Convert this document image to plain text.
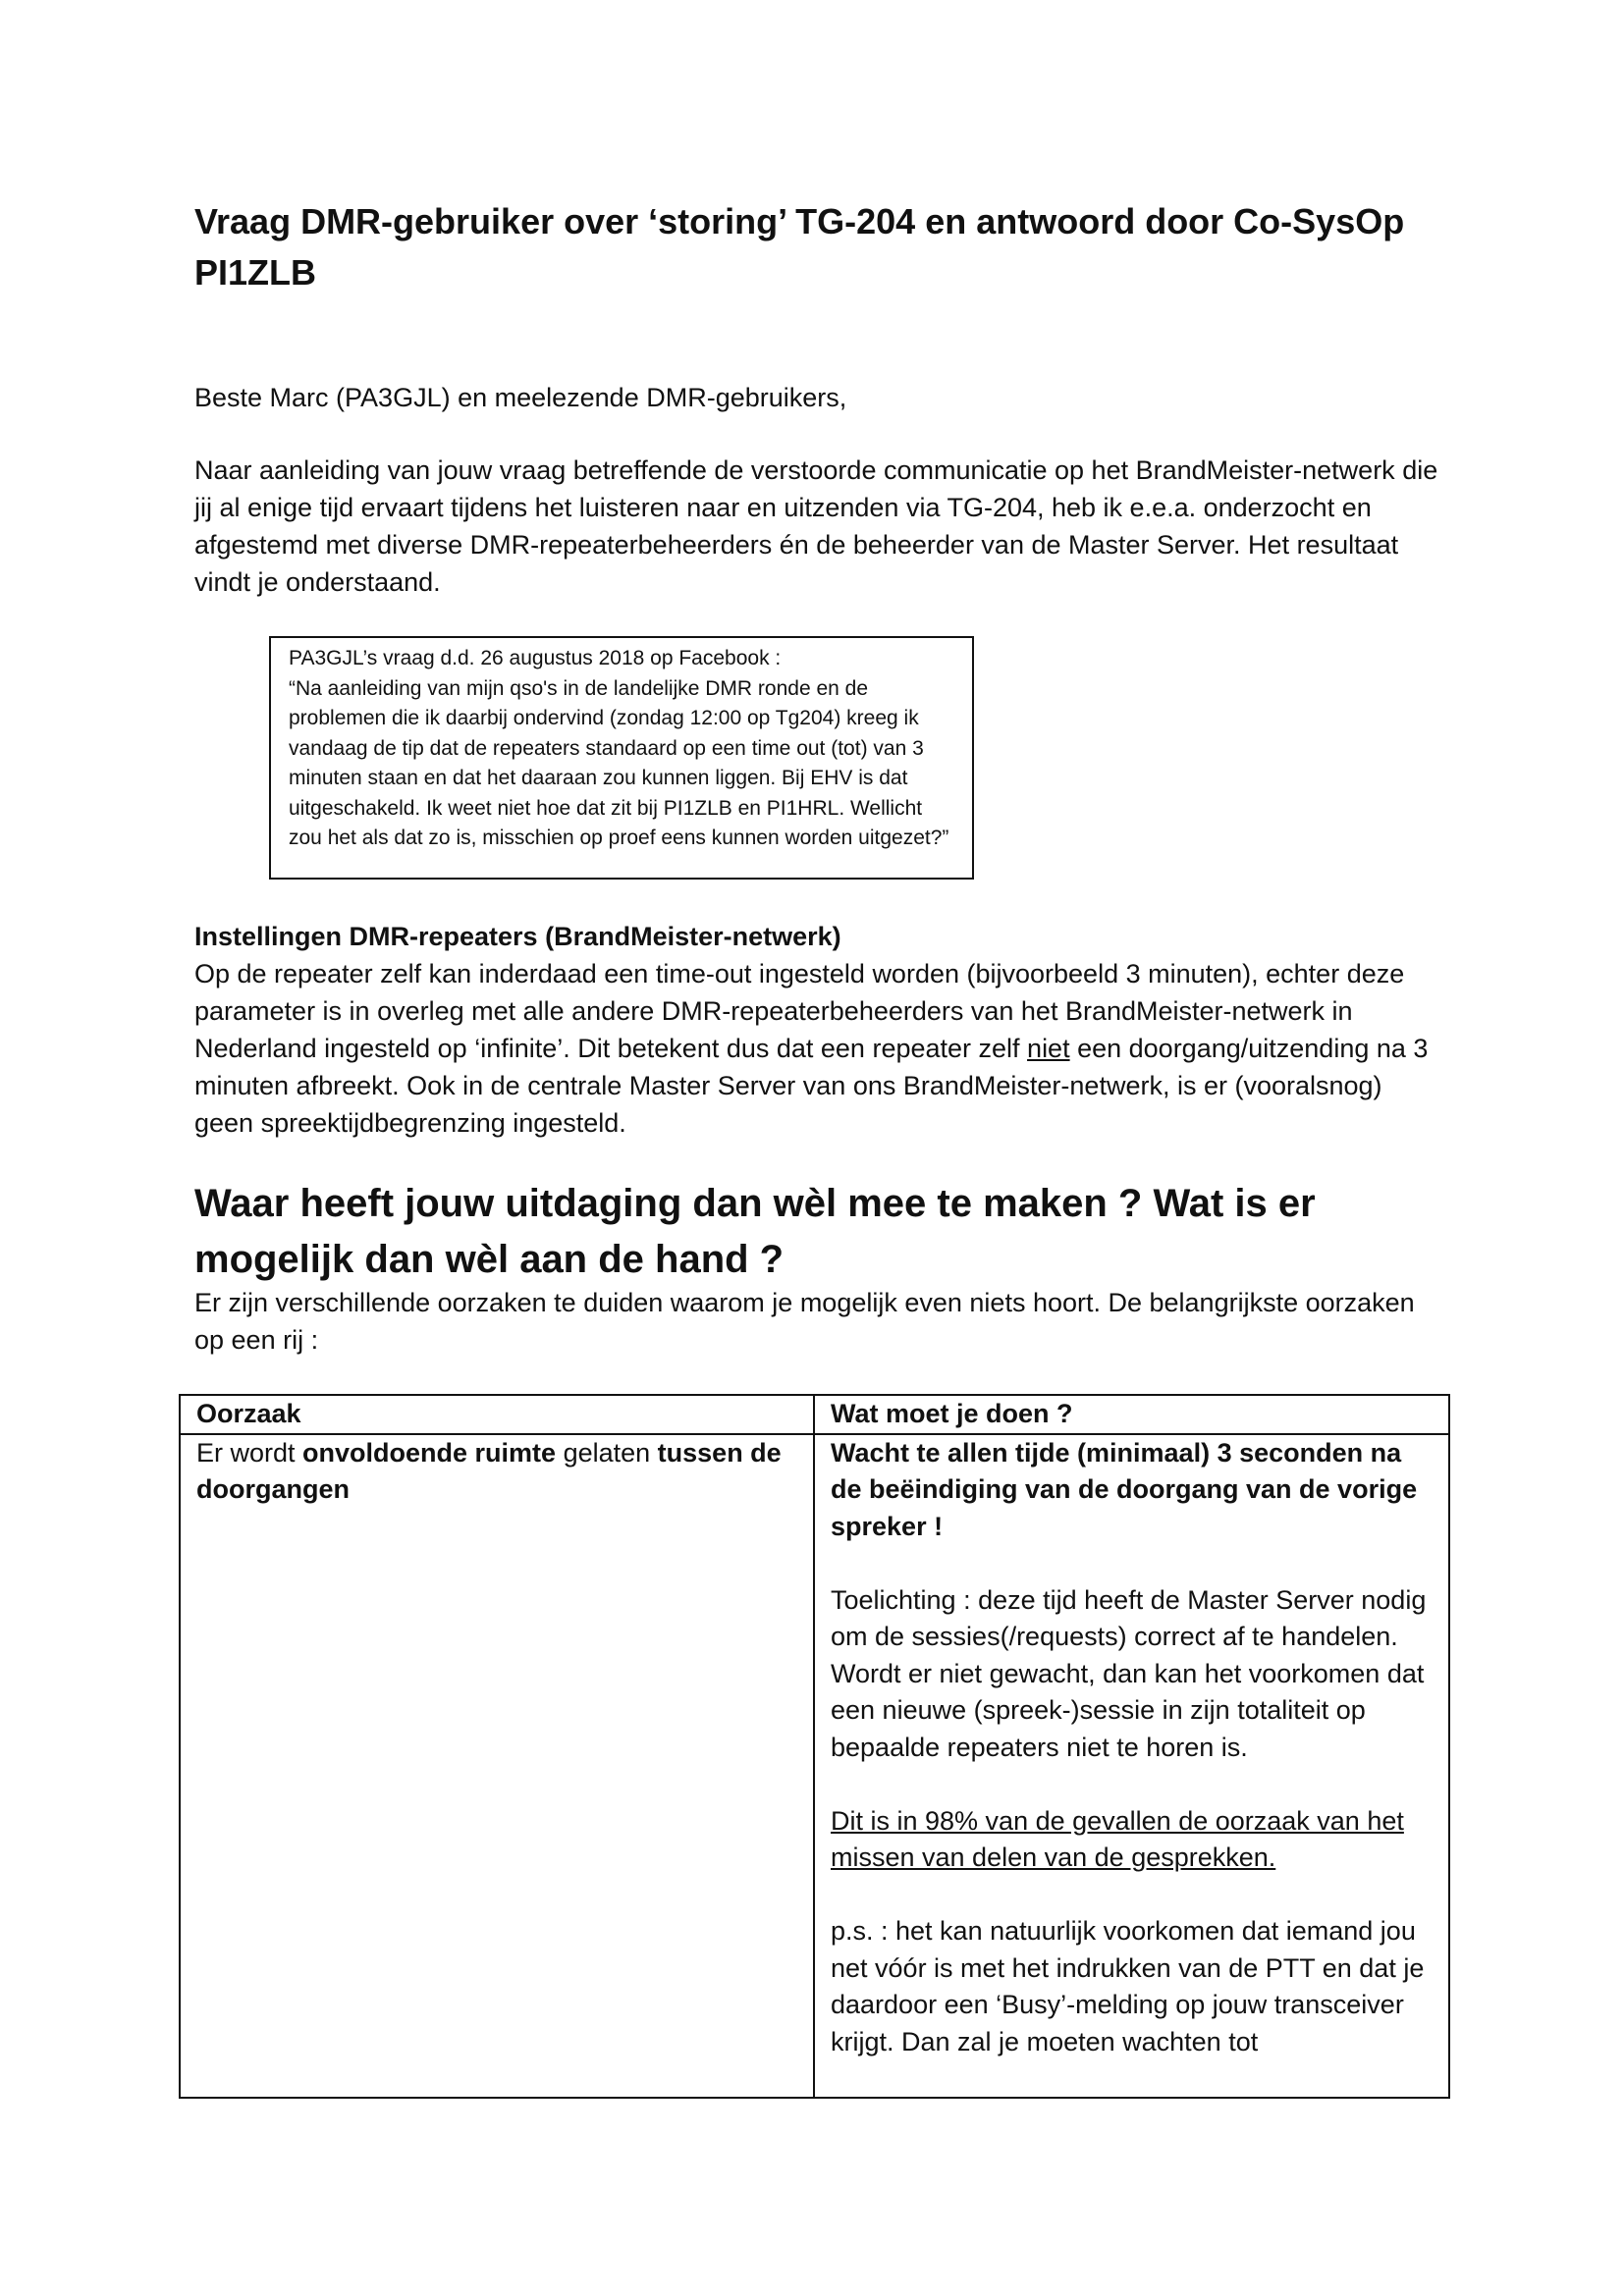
Vraag DMR-gebruiker over ‘storing’ TG-204 en antwoord door Co-SysOp PI1ZLB

Beste Marc (PA3GJL) en meelezende DMR-gebruikers,

Naar aanleiding van jouw vraag betreffende de verstoorde communicatie op het BrandMeister-netwerk die jij al enige tijd ervaart tijdens het luisteren naar en uitzenden via TG-204, heb ik e.e.a. onderzocht en afgestemd met diverse DMR-repeaterbeheerders én de beheerder van de Master Server. Het resultaat vindt je onderstaand.

PA3GJL’s vraag d.d. 26 augustus 2018 op Facebook :

“Na aanleiding van mijn qso's in de landelijke DMR ronde en de problemen die ik daarbij ondervind (zondag 12:00 op Tg204) kreeg ik vandaag de tip dat de repeaters standaard op een time out (tot) van 3 minuten staan en dat het daaraan zou kunnen liggen. Bij EHV is dat uitgeschakeld. Ik weet niet hoe dat zit bij PI1ZLB en PI1HRL. Wellicht zou het als dat zo is, misschien op proef eens kunnen worden uitgezet?”

Instellingen DMR-repeaters (BrandMeister-netwerk)

Op de repeater zelf kan inderdaad een time-out ingesteld worden (bijvoorbeeld 3 minuten), echter deze parameter is in overleg met alle andere DMR-repeaterbeheerders van het BrandMeister-netwerk in Nederland ingesteld op ‘infinite’. Dit betekent dus dat een repeater zelf niet een doorgang/uitzending na 3 minuten afbreekt. Ook in de centrale Master Server van ons BrandMeister-netwerk, is er (vooralsnog) geen spreektijdbegrenzing ingesteld.

Waar heeft jouw uitdaging dan wèl mee te maken ? Wat is er mogelijk dan wèl aan de hand ?

Er zijn verschillende oorzaken te duiden waarom je mogelijk even niets hoort. De belangrijkste oorzaken op een rij :

Oorzaak	Wat moet je doen ?
Er wordt onvoldoende ruimte gelaten tussen de doorgangen	Wacht te allen tijde (minimaal) 3 seconden na de beëindiging van de doorgang van de vorige spreker !

Toelichting : deze tijd heeft de Master Server nodig om de sessies(/requests) correct af te handelen. Wordt er niet gewacht, dan kan het voorkomen dat een nieuwe (spreek-)sessie in zijn totaliteit op bepaalde repeaters niet te horen is.

Dit is in 98% van de gevallen de oorzaak van het missen van delen van de gesprekken.

p.s. : het kan natuurlijk voorkomen dat iemand jou net vóór is met het indrukken van de PTT en dat je daardoor een ‘Busy’-melding op jouw transceiver krijgt. Dan zal je moeten wachten tot
